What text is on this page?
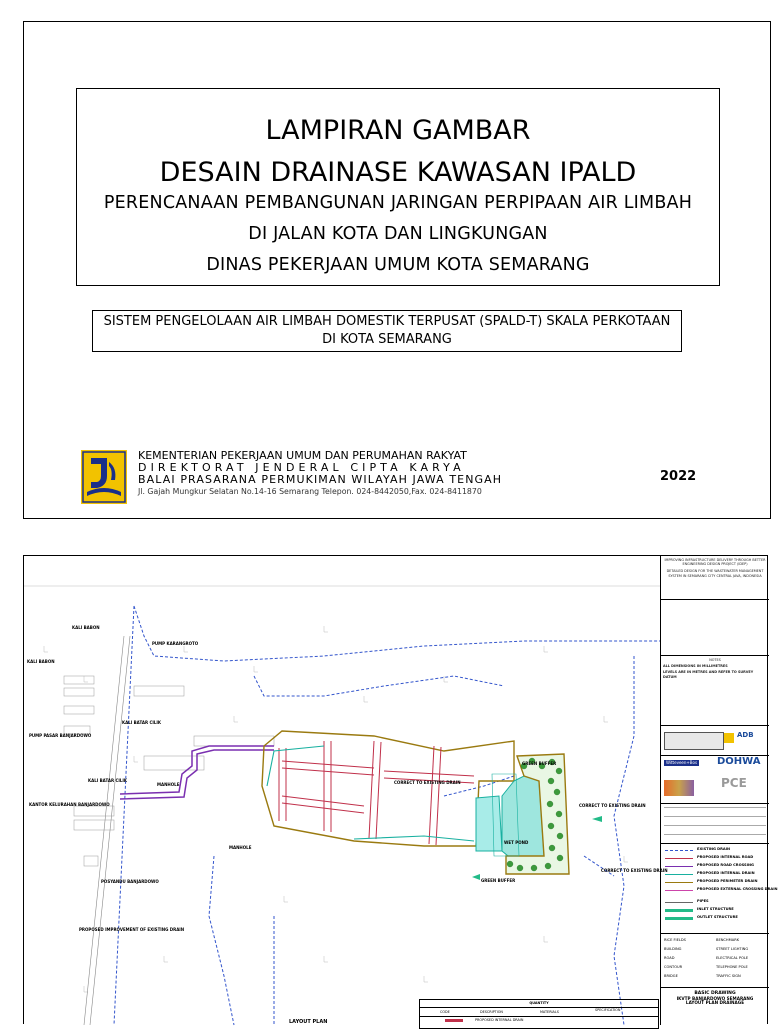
LAMPIRAN GAMBAR
DESAIN DRAINASE KAWASAN IPALD
PERENCANAAN PEMBANGUNAN JARINGAN PERPIPAAN AIR LIMBAH
DI JALAN KOTA DAN LINGKUNGAN
DINAS PEKERJAAN UMUM KOTA SEMARANG
SISTEM PENGELOLAAN AIR LIMBAH DOMESTIK TERPUSAT (SPALD-T) SKALA PERKOTAAN
DI KOTA SEMARANG
KEMENTERIAN PEKERJAAN UMUM DAN PERUMAHAN RAKYAT
DIREKTORAT JENDERAL CIPTA KARYA
BALAI PRASARANA PERMUKIMAN WILAYAH JAWA TENGAH
Jl. Gajah Mungkur Selatan No.14-16 Semarang Telepon. 024-8442050,Fax. 024-8411870
2022
KALI BABON
KALI BABON
PUMP KARANGROTO
KALI BATAR CILIK
KALI BATAR CILIK
PUMP PASAR BANJARDOWO
KANTOR KELURAHAN BANJARDOWO
MANHOLE
MANHOLE
CORRECT TO EXISTING DRAIN
CORRECT TO EXISTING DRAIN
CORRECT TO EXISTING DRAIN
GREEN BUFFER
GREEN BUFFER
WET POND
POSYANDU BANJARDOWO
PROPOSED IMPROVEMENT OF EXISTING DRAIN
LAYOUT PLAN
QUANTITY
CODE	DESCRIPTION	MATERIALS	SPECIFICATION
PROPOSED INTERNAL DRAIN
IMPROVING INFRASTRUCTURE DELIVERY THROUGH BETTER ENGINEERING DESIGN PROJECT (IDEP)
DETAILED DESIGN FOR THE WASTEWATER MANAGEMENT SYSTEM IN SEMARANG CITY CENTRAL JAVA, INDONESIA
NOTES
ALL DIMENSIONS IN MILLIMETRES
LEVELS ARE IN METRES AND REFER TO SURVEY DATUM
ADB
Witteveen+Bos DOHWA
PCE
EXISTING DRAIN
PROPOSED INTERNAL ROAD
PROPOSED ROAD CROSSING
PROPOSED INTERNAL DRAIN
PROPOSED PERIMETER DRAIN
PROPOSED EXTERNAL CROSSING DRAIN
PIPES
INLET STRUCTURE
OUTLET STRUCTURE
RICE FIELDS	BENCHMARK
BUILDING	STREET LIGHTING
ROAD	ELECTRICAL POLE
CONTOUR	TELEPHONE POLE
BRIDGE	TRAFFIC SIGN
BASIC DRAWING
IKVTP BANJARDOWO SEMARANG LAYOUT PLAN DRAINAGE
